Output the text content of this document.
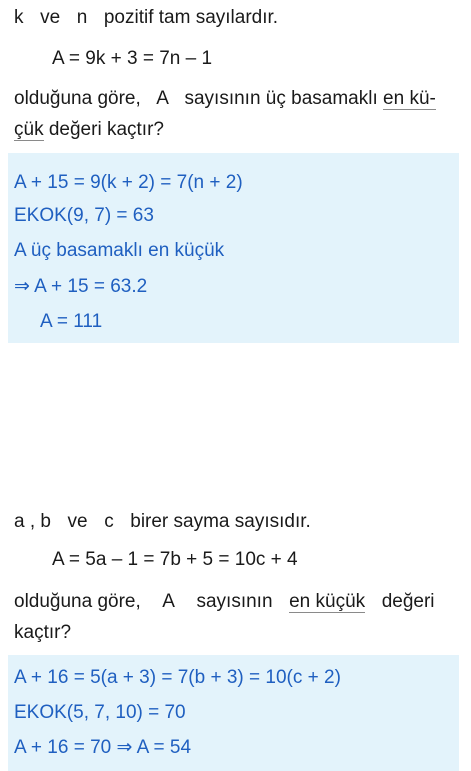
k ve n pozitif tam sayılardır.
A = 9k + 3 = 7n – 1
olduğuna göre, A sayısının üç basamaklı en kü-
çük değeri kaçtır?
A + 15 = 9(k + 2) = 7(n + 2)
EKOK(9, 7) = 63
A üç basamaklı en küçük
⇒ A + 15 = 63.2
A = 111
a , b ve c birer sayma sayısıdır.
A = 5a – 1 = 7b + 5 = 10c + 4
olduğuna göre, A sayısının en küçük değeri
kaçtır?
A + 16 = 5(a + 3) = 7(b + 3) = 10(c + 2)
EKOK(5, 7, 10) = 70
A + 16 = 70 ⇒ A = 54
